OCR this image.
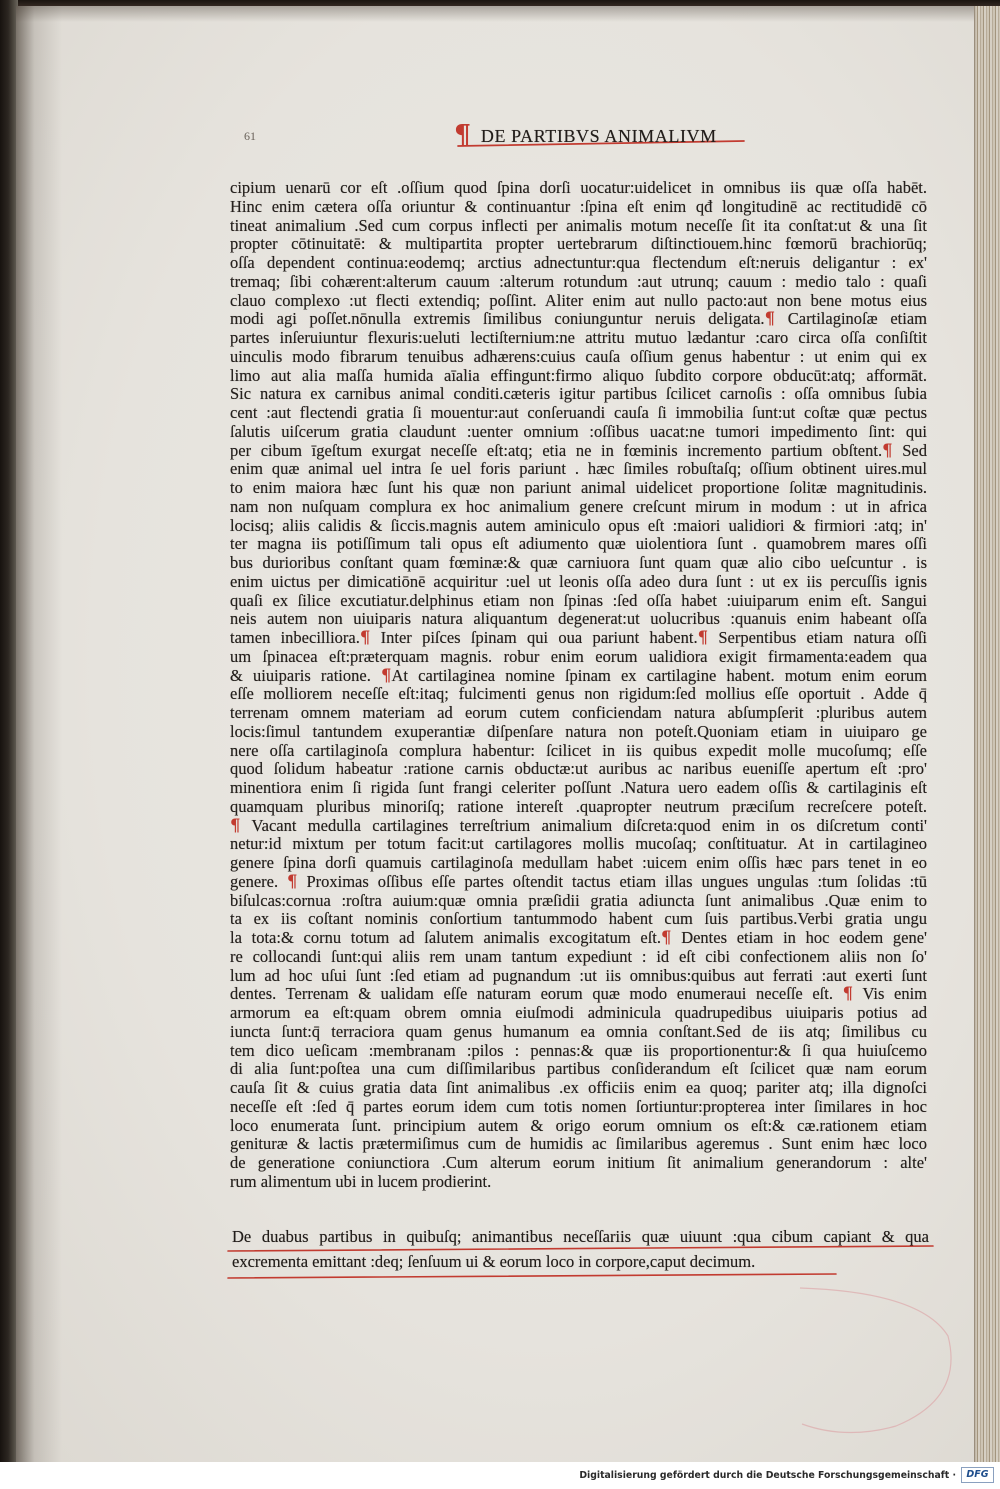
61	¶ DE PARTIBVS ANIMALIVM
cipium uenarū cor eſt .oſſium quod ſpina dorſi uocatur:uidelicet in omnibus iis quæ oſſa habēt.
Hinc enim cætera oſſa oriuntur & continuantur :ſpina eſt enim qđ longitudinē ac rectitudidē cō
tineat animalium .Sed cum corpus inflecti per animalis motum neceſſe ſit ita conſtat:ut & una ſit
propter cōtinuitatē: & multipartita propter uertebrarum diſtinctiouem.hinc fœmorū brachiorūq;
oſſa dependent continua:eodemq; arctius adnectuntur:qua flectendum eſt:neruis deligantur : ex'
tremaq; ſibi cohærent:alterum cauum :alterum rotundum :aut utrunq; cauum : medio talo : quaſi
clauo complexo :ut flecti extendiq; poſſint. Aliter enim aut nullo pacto:aut non bene motus eius
modi agi poſſet.nōnulla extremis ſimilibus coniunguntur neruis deligata.¶ Cartilaginoſæ etiam
partes inſeruiuntur flexuris:ueluti lectiſternium:ne attritu mutuo lædantur :caro circa oſſa conſiſtit
uinculis modo fibrarum tenuibus adhærens:cuius cauſa oſſium genus habentur : ut enim qui ex
limo aut alia maſſa humida aīalia effingunt:firmo aliquo ſubdito corpore obducūt:atq; afformāt.
Sic natura ex carnibus animal conditi.cæteris igitur partibus ſcilicet carnoſis : oſſa omnibus ſubia
cent :aut flectendi gratia ſi mouentur:aut conſeruandi cauſa ſi immobilia ſunt:ut coſtæ quæ pectus
ſalutis uiſcerum gratia claudunt :uenter omnium :oſſibus uacat:ne tumori impedimento ſint: qui
per cibum īgeſtum exurgat neceſſe eſt:atq; etia ne in fœminis incremento partium obſtent.¶ Sed
enim quæ animal uel intra ſe uel foris pariunt . hæc ſimiles robuſtaſq; oſſium obtinent uires.mul
to enim maiora hæc ſunt his quæ non pariunt animal uidelicet proportione ſolitæ magnitudinis.
nam non nuſquam complura ex hoc animalium genere creſcunt mirum in modum : ut in africa
locisq; aliis calidis & ſiccis.magnis autem aminiculo opus eſt :maiori ualidiori & firmiori :atq; in'
ter magna iis potiſſimum tali opus eſt adiumento quæ uiolentiora ſunt . quamobrem mares oſſi
bus durioribus conſtant quam fœminæ:& quæ carniuora ſunt quam quæ alio cibo ueſcuntur . is
enim uictus per dimicatiōnē acquiritur :uel ut leonis oſſa adeo dura ſunt : ut ex iis percuſſis ignis
quaſi ex ſilice excutiatur.delphinus etiam non ſpinas :ſed oſſa habet :uiuiparum enim eſt. Sangui
neis autem non uiuiparis natura aliquantum degenerat:ut uolucribus :quanuis enim habeant oſſa
tamen inbecilliora.¶ Inter piſces ſpinam qui oua pariunt habent.¶ Serpentibus etiam natura oſſi
um ſpinacea eſt:præterquam magnis. robur enim eorum ualidiora exigit firmamenta:eadem qua
& uiuiparis ratione. ¶At cartilaginea nomine ſpinam ex cartilagine habent. motum enim eorum
eſſe molliorem neceſſe eſt:itaq; fulcimenti genus non rigidum:ſed mollius eſſe oportuit . Adde q̄
terrenam omnem materiam ad eorum cutem conficiendam natura abſumpſerit :pluribus autem
locis:ſimul tantundem exuperantiæ diſpenſare natura non poteſt.Quoniam etiam in uiuiparo ge
nere oſſa cartilaginoſa complura habentur: ſcilicet in iis quibus expedit molle mucoſumq; eſſe
quod ſolidum habeatur :ratione carnis obductæ:ut auribus ac naribus eueniſſe apertum eſt :pro'
minentiora enim ſi rigida ſunt frangi celeriter poſſunt .Natura uero eadem oſſis & cartilaginis eſt
quamquam pluribus minoriſq; ratione intereſt .quapropter neutrum præciſum recreſcere poteſt.
¶ Vacant medulla cartilagines terreſtrium animalium diſcreta:quod enim in os diſcretum conti'
netur:id mixtum per totum facit:ut cartilagores mollis mucoſaq; conſtituatur. At in cartilagineo
genere ſpina dorſi quamuis cartilaginoſa medullam habet :uicem enim oſſis hæc pars tenet in eo
genere. ¶ Proximas oſſibus eſſe partes oſtendit tactus etiam illas ungues ungulas :tum ſolidas :tū
biſulcas:cornua :roſtra auium:quæ omnia præſidii gratia adiuncta ſunt animalibus .Quæ enim to
ta ex iis coſtant nominis conſortium tantummodo habent cum ſuis partibus.Verbi gratia ungu
la tota:& cornu totum ad ſalutem animalis excogitatum eſt.¶ Dentes etiam in hoc eodem gene'
re collocandi ſunt:qui aliis rem unam tantum expediunt : id eſt cibi confectionem aliis non ſo'
lum ad hoc uſui ſunt :ſed etiam ad pugnandum :ut iis omnibus:quibus aut ferrati :aut exerti ſunt
dentes. Terrenam & ualidam eſſe naturam eorum quæ modo enumeraui neceſſe eſt. ¶ Vis enim
armorum ea eſt:quam obrem omnia eiuſmodi adminicula quadrupedibus uiuiparis potius ad
iuncta ſunt:q̄ terraciora quam genus humanum ea omnia conſtant.Sed de iis atq; ſimilibus cu
tem dico ueſicam :membranam :pilos : pennas:& quæ iis proportionentur:& ſi qua huiuſcemo
di alia ſunt:poſtea una cum diſſimilaribus partibus conſiderandum eſt ſcilicet quæ nam eorum
cauſa ſit & cuius gratia data ſint animalibus .ex officiis enim ea quoq; pariter atq; illa dignoſci
neceſſe eſt :ſed q̄ partes eorum idem cum totis nomen ſortiuntur:propterea inter ſimilares in hoc
loco enumerata ſunt. principium autem & origo eorum omnium os eſt:& cæ.rationem etiam
genituræ & lactis prætermiſimus cum de humidis ac ſimilaribus ageremus . Sunt enim hæc loco
de generatione coniunctiora .Cum alterum eorum initium ſit animalium generandorum : alte'
rum alimentum ubi in lucem prodierint.
De duabus partibus in quibuſq; animantibus neceſſariis quæ uiuunt :qua cibum capiant & qua
excrementa emittant :deq; ſenſuum ui & eorum loco in corpore,caput decimum.
Digitalisierung gefördert durch die Deutsche Forschungsgemeinschaft ·	DFG
